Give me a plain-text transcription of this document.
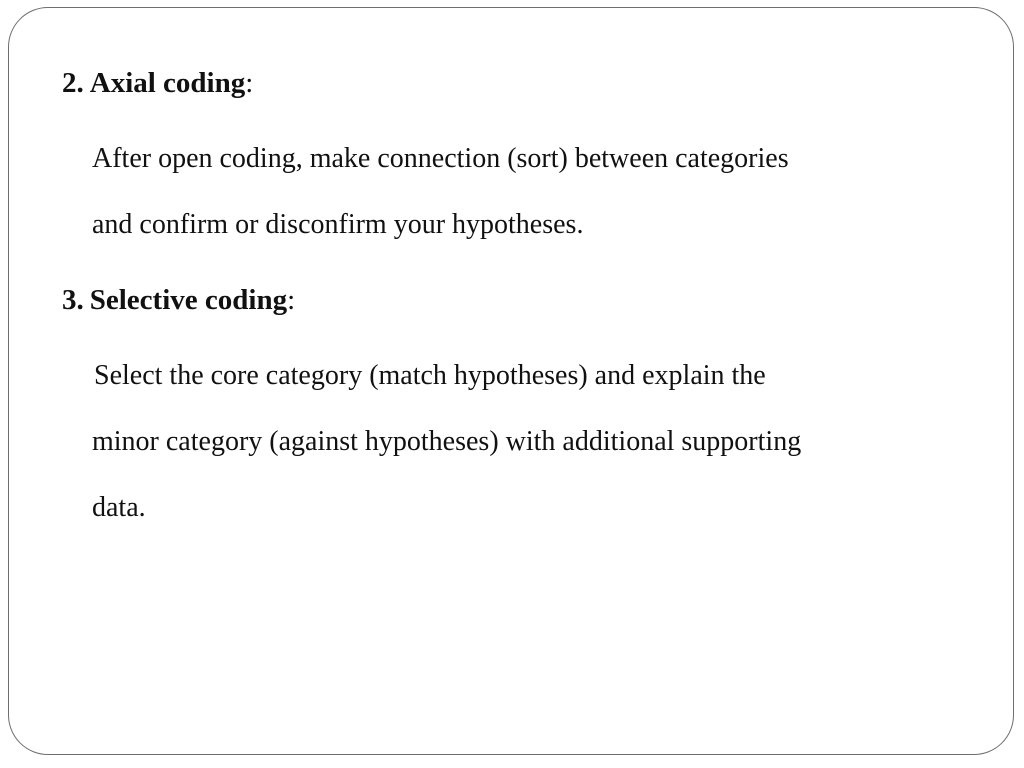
2. Axial coding:
After open coding, make connection (sort) between categories
and confirm or disconfirm your hypotheses.
3. Selective coding:
Select the core category (match hypotheses) and explain the
minor category (against hypotheses) with additional supporting
data.
